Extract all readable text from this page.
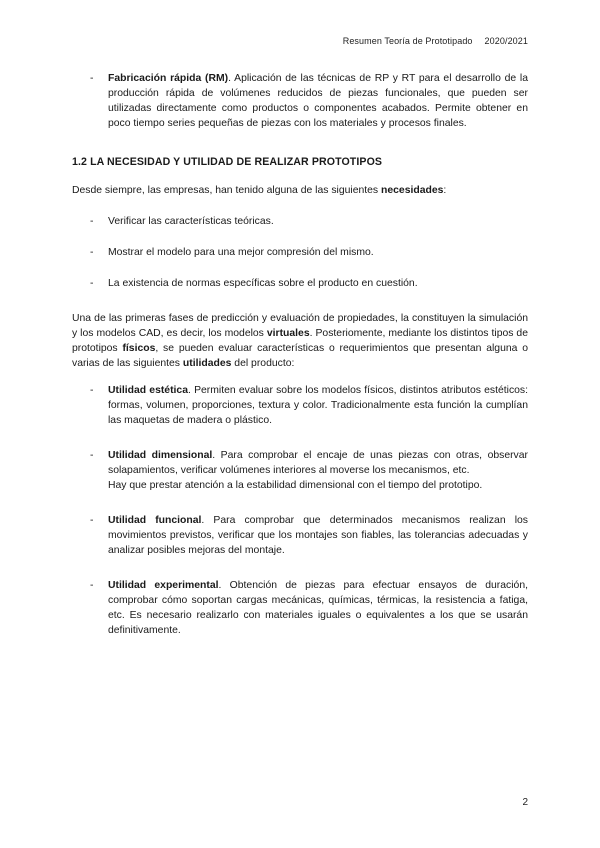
Resumen Teoría de Prototipado 2020/2021
-	Fabricación rápida (RM). Aplicación de las técnicas de RP y RT para el desarrollo de la producción rápida de volúmenes reducidos de piezas funcionales, que pueden ser utilizadas directamente como productos o componentes acabados. Permite obtener en poco tiempo series pequeñas de piezas con los materiales y procesos finales.
1.2 LA NECESIDAD Y UTILIDAD DE REALIZAR PROTOTIPOS
Desde siempre, las empresas, han tenido alguna de las siguientes necesidades:
-	Verificar las características teóricas.
-	Mostrar el modelo para una mejor compresión del mismo.
-	La existencia de normas específicas sobre el producto en cuestión.
Una de las primeras fases de predicción y evaluación de propiedades, la constituyen la simulación y los modelos CAD, es decir, los modelos virtuales. Posteriomente, mediante los distintos tipos de prototipos físicos, se pueden evaluar características o requerimientos que presentan alguna o varias de las siguientes utilidades del producto:
-	Utilidad estética. Permiten evaluar sobre los modelos físicos, distintos atributos estéticos: formas, volumen, proporciones, textura y color. Tradicionalmente esta función la cumplían las maquetas de madera o plástico.
-	Utilidad dimensional. Para comprobar el encaje de unas piezas con otras, observar solapamientos, verificar volúmenes interiores al moverse los mecanismos, etc.
Hay que prestar atención a la estabilidad dimensional con el tiempo del prototipo.
-	Utilidad funcional. Para comprobar que determinados mecanismos realizan los movimientos previstos, verificar que los montajes son fiables, las tolerancias adecuadas y analizar posibles mejoras del montaje.
-	Utilidad experimental. Obtención de piezas para efectuar ensayos de duración, comprobar cómo soportan cargas mecánicas, químicas, térmicas, la resistencia a fatiga, etc. Es necesario realizarlo con materiales iguales o equivalentes a los que se usarán definitivamente.
2
